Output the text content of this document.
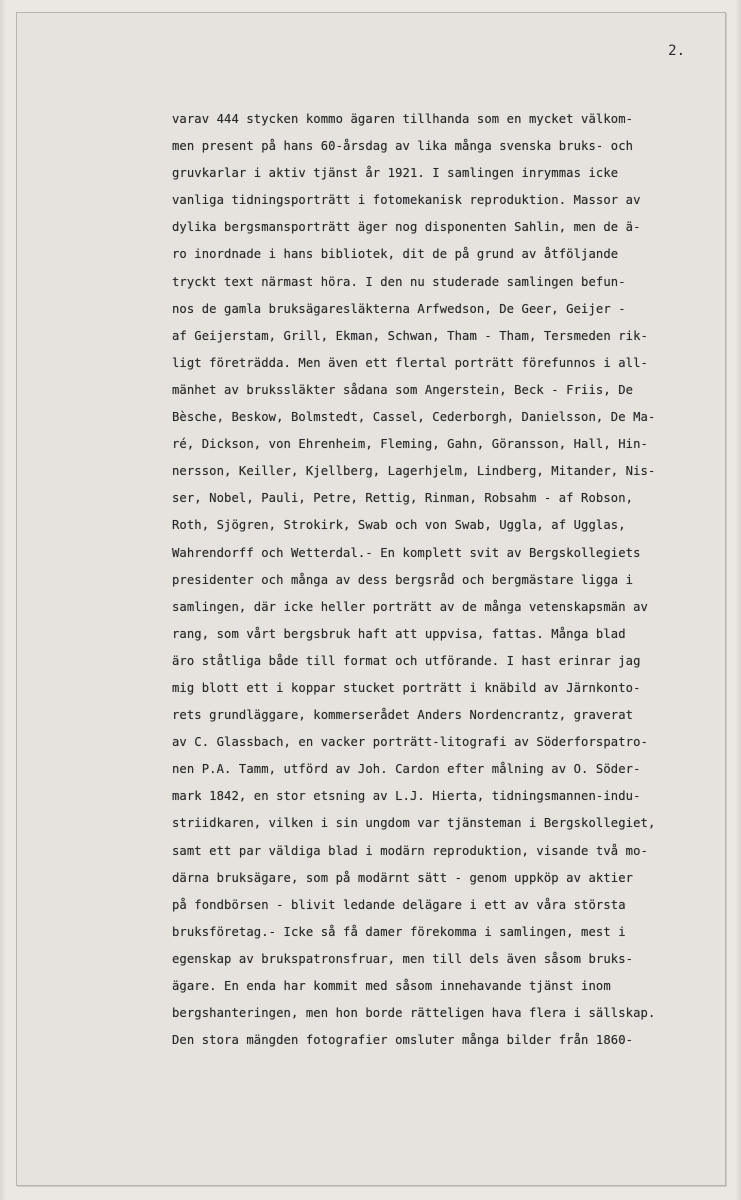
2.
varav 444 stycken kommo ägaren tillhanda som en mycket välkom-
men present på hans 60-årsdag av lika många svenska bruks- och
gruvkarlar i aktiv tjänst år 1921. I samlingen inrymmas icke
vanliga tidningsporträtt i fotomekanisk reproduktion. Massor av
dylika bergsmansporträtt äger nog disponenten Sahlin, men de ä-
ro inordnade i hans bibliotek, dit de på grund av åtföljande
tryckt text närmast höra. I den nu studerade samlingen befun-
nos de gamla bruksägaresläkterna Arfwedson, De Geer, Geijer -
af Geijerstam, Grill, Ekman, Schwan, Tham - Tham, Tersmeden rik-
ligt företrädda. Men även ett flertal porträtt förefunnos i all-
mänhet av brukssläkter sådana som Angerstein, Beck - Friis, De
Bèsche, Beskow, Bolmstedt, Cassel, Cederborgh, Danielsson, De Ma-
ré, Dickson, von Ehrenheim, Fleming, Gahn, Göransson, Hall, Hin-
nersson, Keiller, Kjellberg, Lagerhjelm, Lindberg, Mitander, Nis-
ser, Nobel, Pauli, Petre, Rettig, Rinman, Robsahm - af Robson,
Roth, Sjögren, Strokirk, Swab och von Swab, Uggla, af Ugglas,
Wahrendorff och Wetterdal.- En komplett svit av Bergskollegiets
presidenter och många av dess bergsråd och bergmästare ligga i
samlingen, där icke heller porträtt av de många vetenskapsmän av
rang, som vårt bergsbruk haft att uppvisa, fattas. Många blad
äro ståtliga både till format och utförande. I hast erinrar jag
mig blott ett i koppar stucket porträtt i knäbild av Järnkonto-
rets grundläggare, kommerserådet Anders Nordencrantz, graverat
av C. Glassbach, en vacker porträtt-litografi av Söderforspatro-
nen P.A. Tamm, utförd av Joh. Cardon efter målning av O. Söder-
mark 1842, en stor etsning av L.J. Hierta, tidningsmannen-indu-
striidkaren, vilken i sin ungdom var tjänsteman i Bergskollegiet,
samt ett par väldiga blad i modärn reproduktion, visande två mo-
därna bruksägare, som på modärnt sätt - genom uppköp av aktier
på fondbörsen - blivit ledande delägare i ett av våra största
bruksföretag.- Icke så få damer förekomma i samlingen, mest i
egenskap av brukspatronsfruar, men till dels även såsom bruks-
ägare. En enda har kommit med såsom innehavande tjänst inom
bergshanteringen, men hon borde rätteligen hava flera i sällskap.
Den stora mängden fotografier omsluter många bilder från 1860-
